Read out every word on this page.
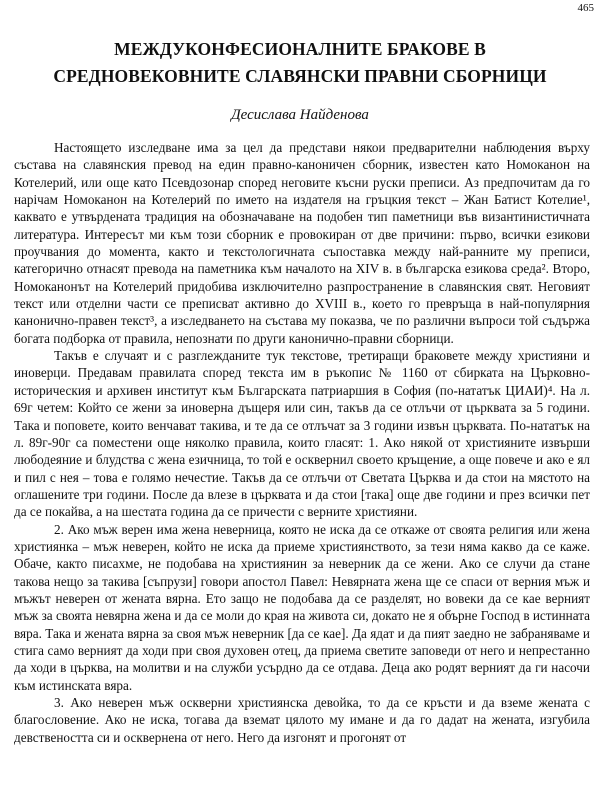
465
МЕЖДУКОНФЕСИОНАЛНИТЕ БРАКОВЕ В
СРЕДНОВЕКОВНИТЕ СЛАВЯНСКИ ПРАВНИ СБОРНИЦИ
Десислава Найденова

Настоящето изследване има за цел да представи някои предварителни наблюдения върху състава на славянския превод на един правно-каноничен сборник, известен като Номоканон на Котелерий, или още като Псевдозонар според неговите късни руски преписи. Аз предпочитам да го нарічам Номоканон на Котелерий по името на издателя на гръцкия текст – Жан Батист Котелие¹, каквато е утвърдената традиция на обозначаване на подобен тип паметници във византинистичната литература. Интересът ми към този сборник е провокиран от две причини: първо, всички езикови проучвания до момента, както и текстологичната съпоставка между най-ранните му преписи, категорично отнасят превода на паметника към началото на XIV в. в българска езикова среда². Второ, Номоканонът на Котелерий придобива изключително разпространение в славянския свят. Неговият текст или отделни части се преписват активно до XVIII в., което го превръща в най-популярния канонично-правен текст³, а изследването на състава му показва, че по различни въпроси той съдържа богата подборка от правила, непознати по други канонично-правни сборници.

Такъв е случаят и с разглежданите тук текстове, третиращи браковете между християни и иноверци. Предавам правилата според текста им в ръкопис № 1160 от сбирката на Църковно-историческия и архивен институт към Българската патриаршия в София (по-нататък ЦИАИ)⁴. На л. 69г четем: Който се жени за иноверна дъщеря или син, такъв да се отлъчи от църквата за 5 години. Така и поповете, които венчават такива, и те да се отлъчат за 3 години извън църквата. По-нататък на л. 89г-90г са поместени още няколко правила, които гласят: 1. Ако някой от християните извърши любодеяние и блудства с жена езичница, то той е осквернил своето кръщение, а още повече и ако е ял и пил с нея – това е голямо нечестие. Такъв да се отлъчи от Светата Църква и да стои на мястото на оглашените три години. После да влезе в църквата и да стои [така] още две години и през всички пет да се покайва, а на шестата година да се причести с верните християни.

2. Ако мъж верен има жена неверница, която не иска да се откаже от своята религия или жена християнка – мъж неверен, който не иска да приеме християнството, за тези няма какво да се каже. Обаче, както писахме, не подобава на християнин за неверник да се жени. Ако се случи да стане такова нещо за такива [съпрузи] говори апостол Павел: Невярната жена ще се спаси от верния мъж и мъжът неверен от жената вярна. Ето защо не подобава да се разделят, но вовеки да се кае верният мъж за своята невярна жена и да се моли до края на живота си, докато не я обърне Господ в истинната вяра. Така и жената вярна за своя мъж неверник [да се кае]. Да ядат и да пият заедно не забраняваме и стига само верният да ходи при своя духовен отец, да приема светите заповеди от него и непрестанно да ходи в църква, на молитви и на служби усърдно да се отдава. Деца ако родят верният да ги насочи към истинската вяра.

3. Ако неверен мъж оскверни християнска девойка, то да се кръсти и да вземе жената с благословение. Ако не иска, тогава да вземат цялото му имане и да го дадат на жената, изгубила девствеността си и осквернена от него. Него да изгонят и прогонят от
